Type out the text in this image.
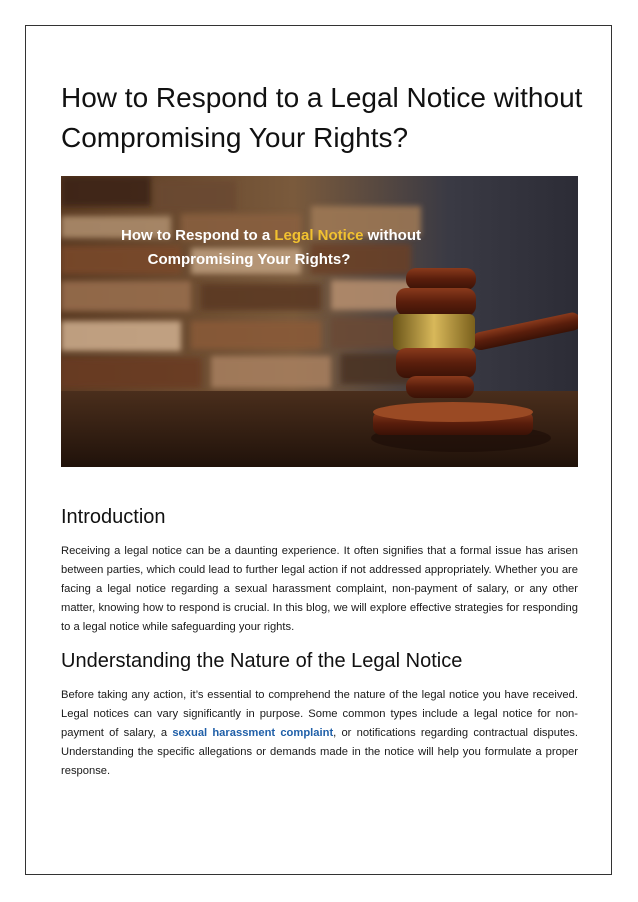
How to Respond to a Legal Notice without Compromising Your Rights?
How to Respond to a Legal Notice without
Compromising Your Rights?
Introduction

Receiving a legal notice can be a daunting experience. It often signifies that a formal issue has arisen between parties, which could lead to further legal action if not addressed appropriately. Whether you are facing a legal notice regarding a sexual harassment complaint, non-payment of salary, or any other matter, knowing how to respond is crucial. In this blog, we will explore effective strategies for responding to a legal notice while safeguarding your rights.

Understanding the Nature of the Legal Notice

Before taking any action, it’s essential to comprehend the nature of the legal notice you have received. Legal notices can vary significantly in purpose. Some common types include a legal notice for non-payment of salary, a sexual harassment complaint, or notifications regarding contractual disputes. Understanding the specific allegations or demands made in the notice will help you formulate a proper response.
